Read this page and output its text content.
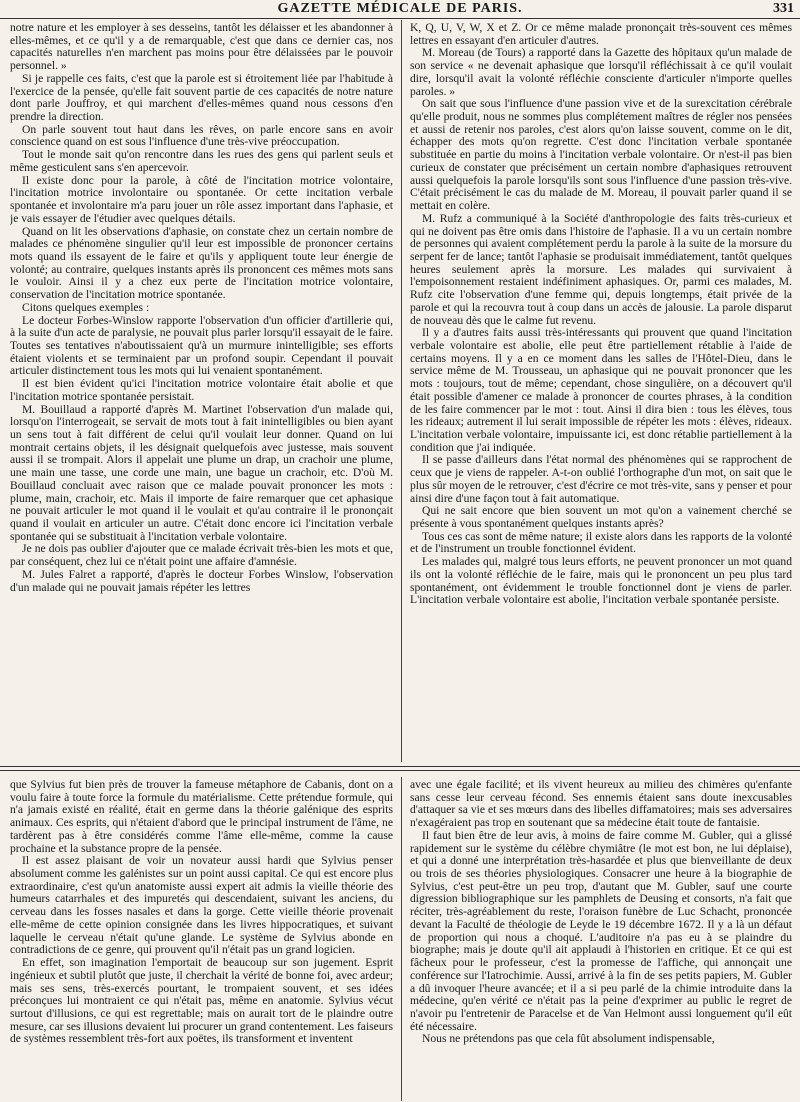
GAZETTE MÉDICALE DE PARIS.	331

notre nature et les employer à ses desseins, tantôt les délaisser et les abandonner à elles-mêmes, et ce qu'il y a de remarquable, c'est que dans ce dernier cas, nos capacités naturelles n'en marchent pas moins pour être délaissées par le pouvoir personnel. »

Si je rappelle ces faits, c'est que la parole est si étroitement liée par l'habitude à l'exercice de la pensée, qu'elle fait souvent partie de ces capacités de notre nature dont parle Jouffroy, et qui marchent d'elles-mêmes quand nous cessons d'en prendre la direction.

On parle souvent tout haut dans les rêves, on parle encore sans en avoir conscience quand on est sous l'influence d'une très-vive préoccupation.

Tout le monde sait qu'on rencontre dans les rues des gens qui parlent seuls et même gesticulent sans s'en apercevoir.

Il existe donc pour la parole, à côté de l'incitation motrice volontaire, l'incitation motrice involontaire ou spontanée. Or cette incitation verbale spontanée et involontaire m'a paru jouer un rôle assez important dans l'aphasie, et je vais essayer de l'étudier avec quelques détails.

Quand on lit les observations d'aphasie, on constate chez un certain nombre de malades ce phénomène singulier qu'il leur est impossible de prononcer certains mots quand ils essayent de le faire et qu'ils y appliquent toute leur énergie de volonté; au contraire, quelques instants après ils prononcent ces mêmes mots sans le vouloir. Ainsi il y a chez eux perte de l'incitation motrice volontaire, conservation de l'incitation motrice spontanée.

Citons quelques exemples :

Le docteur Forbes-Winslow rapporte l'observation d'un officier d'artillerie qui, à la suite d'un acte de paralysie, ne pouvait plus parler lorsqu'il essayait de le faire. Toutes ses tentatives n'aboutissaient qu'à un murmure inintelligible; ses efforts étaient violents et se terminaient par un profond soupir. Cependant il pouvait articuler distinctement tous les mots qui lui venaient spontanément.

Il est bien évident qu'ici l'incitation motrice volontaire était abolie et que l'incitation motrice spontanée persistait.

M. Bouillaud a rapporté d'après M. Martinet l'observation d'un malade qui, lorsqu'on l'interrogeait, se servait de mots tout à fait inintelligibles ou bien ayant un sens tout à fait différent de celui qu'il voulait leur donner. Quand on lui montrait certains objets, il les désignait quelquefois avec justesse, mais souvent aussi il se trompait. Alors il appelait une plume un drap, un crachoir une plume, une main une tasse, une corde une main, une bague un crachoir, etc. D'où M. Bouillaud concluait avec raison que ce malade pouvait prononcer les mots : plume, main, crachoir, etc. Mais il importe de faire remarquer que cet aphasique ne pouvait articuler le mot quand il le voulait et qu'au contraire il le prononçait quand il voulait en articuler un autre. C'était donc encore ici l'incitation verbale spontanée qui se substituait à l'incitation verbale volontaire.

Je ne dois pas oublier d'ajouter que ce malade écrivait très-bien les mots et que, par conséquent, chez lui ce n'était point une affaire d'amnésie.

M. Jules Falret a rapporté, d'après le docteur Forbes Winslow, l'observation d'un malade qui ne pouvait jamais répéter les lettres

K, Q, U, V, W, X et Z. Or ce même malade prononçait très-souvent ces mêmes lettres en essayant d'en articuler d'autres.

M. Moreau (de Tours) a rapporté dans la Gazette des hôpitaux qu'un malade de son service « ne devenait aphasique que lorsqu'il réfléchissait à ce qu'il voulait dire, lorsqu'il avait la volonté réfléchie consciente d'articuler n'importe quelles paroles. »

On sait que sous l'influence d'une passion vive et de la surexcitation cérébrale qu'elle produit, nous ne sommes plus complétement maîtres de régler nos pensées et aussi de retenir nos paroles, c'est alors qu'on laisse souvent, comme on le dit, échapper des mots qu'on regrette. C'est donc l'incitation verbale spontanée substituée en partie du moins à l'incitation verbale volontaire. Or n'est-il pas bien curieux de constater que précisément un certain nombre d'aphasiques retrouvent aussi quelquefois la parole lorsqu'ils sont sous l'influence d'une passion très-vive. C'était précisément le cas du malade de M. Moreau, il pouvait parler quand il se mettait en colère.

M. Rufz a communiqué à la Société d'anthropologie des faits très-curieux et qui ne doivent pas être omis dans l'histoire de l'aphasie. Il a vu un certain nombre de personnes qui avaient complétement perdu la parole à la suite de la morsure du serpent fer de lance; tantôt l'aphasie se produisait immédiatement, tantôt quelques heures seulement après la morsure. Les malades qui survivaient à l'empoisonnement restaient indéfiniment aphasiques. Or, parmi ces malades, M. Rufz cite l'observation d'une femme qui, depuis longtemps, était privée de la parole et qui la recouvra tout à coup dans un accès de jalousie. La parole disparut de nouveau dès que le calme fut revenu.

Il y a d'autres faits aussi très-intéressants qui prouvent que quand l'incitation verbale volontaire est abolie, elle peut être partiellement rétablie à l'aide de certains moyens. Il y a en ce moment dans les salles de l'Hôtel-Dieu, dans le service même de M. Trousseau, un aphasique qui ne pouvait prononcer que les mots : toujours, tout de même; cependant, chose singulière, on a découvert qu'il était possible d'amener ce malade à prononcer de courtes phrases, à la condition de les faire commencer par le mot : tout. Ainsi il dira bien : tous les élèves, tous les rideaux; autrement il lui serait impossible de répéter les mots : élèves, rideaux. L'incitation verbale volontaire, impuissante ici, est donc rétablie partiellement à la condition que j'ai indiquée.

Il se passe d'ailleurs dans l'état normal des phénomènes qui se rapprochent de ceux que je viens de rappeler. A-t-on oublié l'orthographe d'un mot, on sait que le plus sûr moyen de le retrouver, c'est d'écrire ce mot très-vite, sans y penser et pour ainsi dire d'une façon tout à fait automatique.

Qui ne sait encore que bien souvent un mot qu'on a vainement cherché se présente à vous spontanément quelques instants après?

Tous ces cas sont de même nature; il existe alors dans les rapports de la volonté et de l'instrument un trouble fonctionnel évident.

Les malades qui, malgré tous leurs efforts, ne peuvent prononcer un mot quand ils ont la volonté réfléchie de le faire, mais qui le prononcent un peu plus tard spontanément, ont évidemment le trouble fonctionnel dont je viens de parler. L'incitation verbale volontaire est abolie, l'incitation verbale spontanée persiste.

que Sylvius fut bien près de trouver la fameuse métaphore de Cabanis, dont on a voulu faire à toute force la formule du matérialisme. Cette prétendue formule, qui n'a jamais existé en réalité, était en germe dans la théorie galénique des esprits animaux. Ces esprits, qui n'étaient d'abord que le principal instrument de l'âme, ne tardèrent pas à être considérés comme l'âme elle-même, comme la cause prochaine et la substance propre de la pensée.

Il est assez plaisant de voir un novateur aussi hardi que Sylvius penser absolument comme les galénistes sur un point aussi capital. Ce qui est encore plus extraordinaire, c'est qu'un anatomiste aussi expert ait admis la vieille théorie des humeurs catarrhales et des impuretés qui descendaient, suivant les anciens, du cerveau dans les fosses nasales et dans la gorge. Cette vieille théorie provenait elle-même de cette opinion consignée dans les livres hippocratiques, et suivant laquelle le cerveau n'était qu'une glande. Le système de Sylvius abonde en contradictions de ce genre, qui prouvent qu'il n'était pas un grand logicien.

En effet, son imagination l'emportait de beaucoup sur son jugement. Esprit ingénieux et subtil plutôt que juste, il cherchait la vérité de bonne foi, avec ardeur; mais ses sens, très-exercés pourtant, le trompaient souvent, et ses idées préconçues lui montraient ce qui n'était pas, même en anatomie. Sylvius vécut surtout d'illusions, ce qui est regrettable; mais on aurait tort de le plaindre outre mesure, car ses illusions devaient lui procurer un grand contentement. Les faiseurs de systèmes ressemblent très-fort aux poëtes, ils transforment et inventent

avec une égale facilité; et ils vivent heureux au milieu des chimères qu'enfante sans cesse leur cerveau fécond. Ses ennemis étaient sans doute inexcusables d'attaquer sa vie et ses mœurs dans des libelles diffamatoires; mais ses adversaires n'exagéraient pas trop en soutenant que sa médecine était toute de fantaisie.

Il faut bien être de leur avis, à moins de faire comme M. Gubler, qui a glissé rapidement sur le système du célèbre chymiâtre (le mot est bon, ne lui déplaise), et qui a donné une interprétation très-hasardée et plus que bienveillante de deux ou trois de ses théories physiologiques. Consacrer une heure à la biographie de Sylvius, c'est peut-être un peu trop, d'autant que M. Gubler, sauf une courte digression bibliographique sur les pamphlets de Deusing et consorts, n'a fait que réciter, très-agréablement du reste, l'oraison funèbre de Luc Schacht, prononcée devant la Faculté de théologie de Leyde le 19 décembre 1672. Il y a là un défaut de proportion qui nous a choqué. L'auditoire n'a pas eu à se plaindre du biographe; mais je doute qu'il ait applaudi à l'historien en critique. Et ce qui est fâcheux pour le professeur, c'est la promesse de l'affiche, qui annonçait une conférence sur l'Iatrochimie. Aussi, arrivé à la fin de ses petits papiers, M. Gubler a dû invoquer l'heure avancée; et il a si peu parlé de la chimie introduite dans la médecine, qu'en vérité ce n'était pas la peine d'exprimer au public le regret de n'avoir pu l'entretenir de Paracelse et de Van Helmont aussi longuement qu'il eût été nécessaire.

Nous ne prétendons pas que cela fût absolument indispensable,
